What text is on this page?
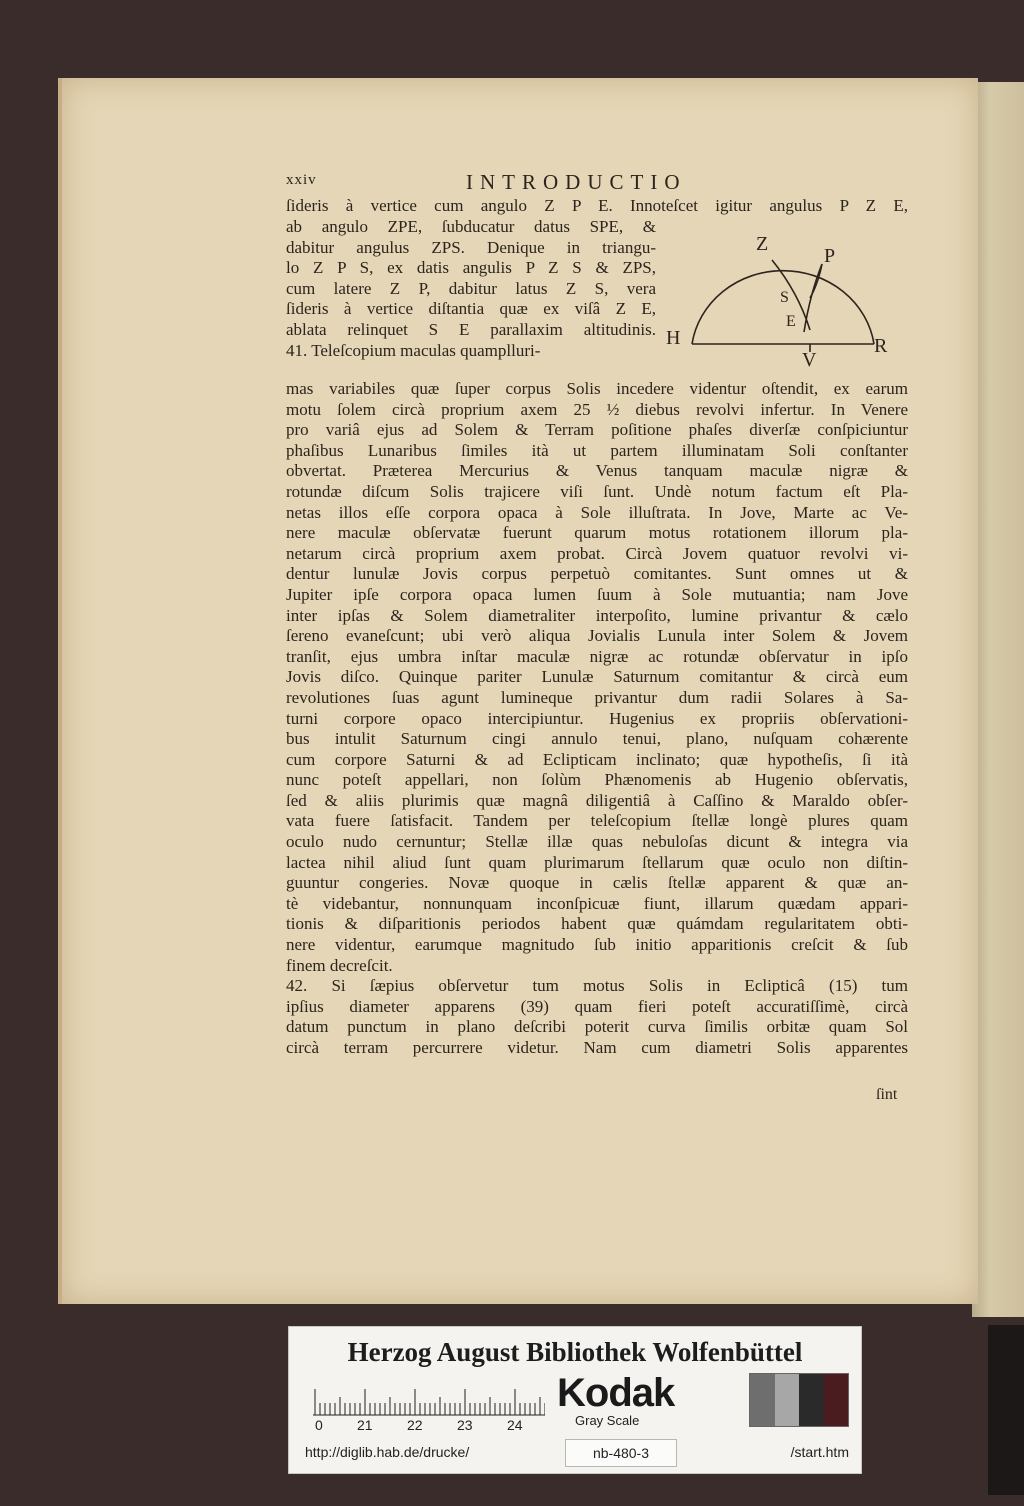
xxiv	INTRODUCTIO
ſideris à vertice cum angulo Z P E. Innoteſcet igitur angulus P Z E,
ab angulo ZPE, ſubducatur datus SPE, &
dabitur angulus ZPS. Denique in triangu-
lo Z P S, ex datis angulis P Z S & ZPS,
cum latere Z P, dabitur latus Z S, vera
ſideris à vertice diſtantia quæ ex viſâ Z E,
ablata relinquet S E parallaxim altitudinis.
41. Teleſcopium maculas quamplluri-
Z
P
S
E
H	R
V
mas variabiles quæ ſuper corpus Solis incedere videntur oſtendit, ex earum
motu ſolem circà proprium axem 25 ½ diebus revolvi infertur. In Venere
pro variâ ejus ad Solem & Terram poſitione phaſes diverſæ conſpiciuntur
phaſibus Lunaribus ſimiles ità ut partem illuminatam Soli conſtanter
obvertat. Præterea Mercurius & Venus tanquam maculæ nigræ &
rotundæ diſcum Solis trajicere viſi ſunt. Undè notum factum eſt Pla-
netas illos eſſe corpora opaca à Sole illuſtrata. In Jove, Marte ac Ve-
nere maculæ obſervatæ fuerunt quarum motus rotationem illorum pla-
netarum circà proprium axem probat. Circà Jovem quatuor revolvi vi-
dentur lunulæ Jovis corpus perpetuò comitantes. Sunt omnes ut &
Jupiter ipſe corpora opaca lumen ſuum à Sole mutuantia; nam Jove
inter ipſas & Solem diametraliter interpoſito, lumine privantur & cælo
ſereno evaneſcunt; ubi verò aliqua Jovialis Lunula inter Solem & Jovem
tranſit, ejus umbra inſtar maculæ nigræ ac rotundæ obſervatur in ipſo
Jovis diſco. Quinque pariter Lunulæ Saturnum comitantur & circà eum
revolutiones ſuas agunt lumineque privantur dum radii Solares à Sa-
turni corpore opaco intercipiuntur. Hugenius ex propriis obſervationi-
bus intulit Saturnum cingi annulo tenui, plano, nuſquam cohærente
cum corpore Saturni & ad Eclipticam inclinato; quæ hypotheſis, ſi ità
nunc poteſt appellari, non ſolùm Phænomenis ab Hugenio obſervatis,
ſed & aliis plurimis quæ magnâ diligentiâ à Caſſino & Maraldo obſer-
vata fuere ſatisfacit. Tandem per teleſcopium ſtellæ longè plures quam
oculo nudo cernuntur; Stellæ illæ quas nebuloſas dicunt & integra via
lactea nihil aliud ſunt quam plurimarum ſtellarum quæ oculo non diſtin-
guuntur congeries. Novæ quoque in cælis ſtellæ apparent & quæ an-
tè videbantur, nonnunquam inconſpicuæ fiunt, illarum quædam appari-
tionis & diſparitionis periodos habent quæ quámdam regularitatem obti-
nere videntur, earumque magnitudo ſub initio apparitionis creſcit & ſub
finem decreſcit.
42. Si ſæpius obſervetur tum motus Solis in Eclipticâ (15) tum
ipſius diameter apparens (39) quam fieri poteſt accuratiſſimè, circà
datum punctum in plano deſcribi poterit curva ſimilis orbitæ quam Sol
circà terram percurrere videtur. Nam cum diametri Solis apparentes
ſint
Herzog August Bibliothek Wolfenbüttel
0 21 22 23 24
Kodak
Gray Scale
http://diglib.hab.de/drucke/	nb-480-3	/start.htm
